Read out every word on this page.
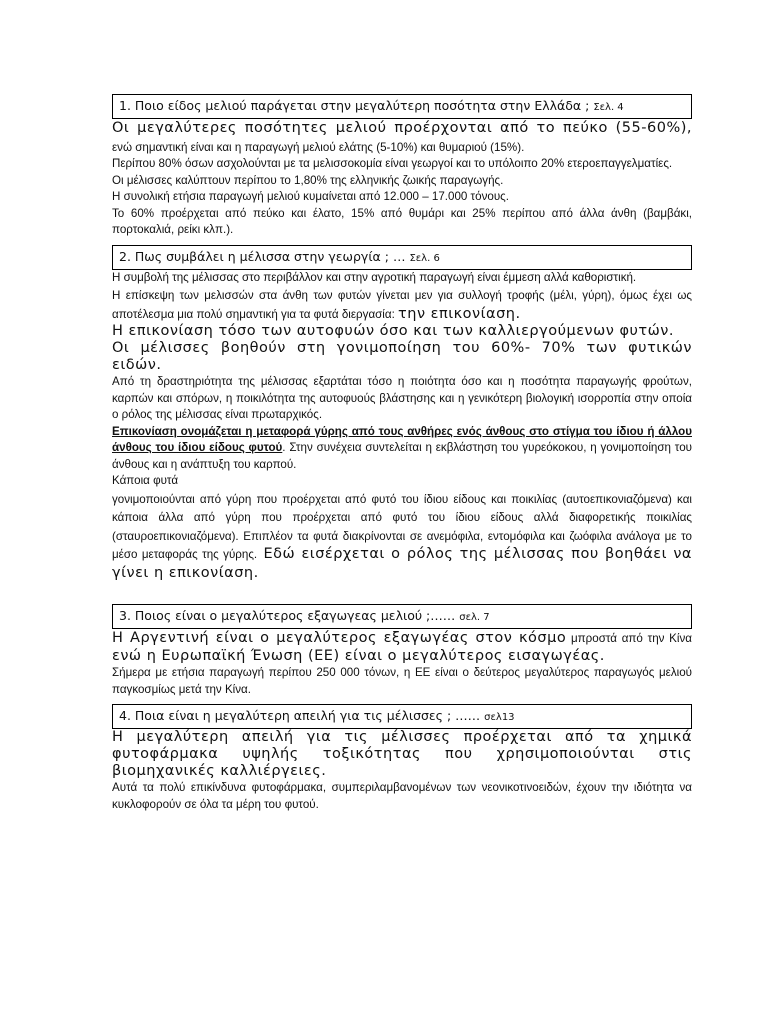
1. Ποιο είδος μελιού παράγεται στην μεγαλύτερη ποσότητα στην Ελλάδα ; Σελ. 4

Οι μεγαλύτερες ποσότητες μελιού προέρχονται από το πεύκο (55-60%), ενώ σημαντική είναι και η παραγωγή μελιού ελάτης (5-10%) και θυμαριού (15%).

Περίπου 80% όσων ασχολούνται με τα μελισσοκομία είναι γεωργοί και το υπόλοιπο 20% ετεροεπαγγελματίες.

Οι μέλισσες καλύπτουν περίπου το 1,80% της ελληνικής ζωικής παραγωγής.

Η συνολική ετήσια παραγωγή μελιού κυμαίνεται από 12.000 – 17.000 τόνους.

Το 60% προέρχεται από πεύκο και έλατο, 15% από θυμάρι και 25% περίπου από άλλα άνθη (βαμβάκι, πορτοκαλιά, ρείκι κλπ.).

2. Πως συμβάλει η μέλισσα στην γεωργία ; … Σελ. 6

Η συμβολή της μέλισσας στο περιβάλλον και στην αγροτική παραγωγή είναι έμμεση αλλά καθοριστική.

Η επίσκεψη των μελισσών στα άνθη των φυτών γίνεται μεν για συλλογή τροφής (μέλι, γύρη), όμως έχει ως αποτέλεσμα μια πολύ σημαντική για τα φυτά διεργασία: την επικονίαση.

Η επικονίαση τόσο των αυτοφυών όσο και των καλλιεργούμενων φυτών.

Οι μέλισσες βοηθούν στη γονιμοποίηση του 60%- 70% των φυτικών ειδών.

Από τη δραστηριότητα της μέλισσας εξαρτάται τόσο η ποιότητα όσο και η ποσότητα παραγωγής φρούτων, καρπών και σπόρων, η ποικιλότητα της αυτοφυούς βλάστησης και η γενικότερη βιολογική ισορροπία στην οποία ο ρόλος της μέλισσας είναι πρωταρχικός.

Επικονίαση ονομάζεται η μεταφορά γύρης από τους ανθήρες ενός άνθους στο στίγμα του ίδιου ή άλλου άνθους του ίδιου είδους φυτού. Στην συνέχεια συντελείται η εκβλάστηση του γυρεόκοκου, η γονιμοποίηση του άνθους και η ανάπτυξη του καρπού.

Κάποια φυτά

γονιμοποιούνται από γύρη που προέρχεται από φυτό του ίδιου είδους και ποικιλίας (αυτοεπικονιαζόμενα) και κάποια άλλα από γύρη που προέρχεται από φυτό του ίδιου είδους αλλά διαφορετικής ποικιλίας (σταυροεπικονιαζόμενα). Επιπλέον τα φυτά διακρίνονται σε ανεμόφιλα, εντομόφιλα και ζωόφιλα ανάλογα με το μέσο μεταφοράς της γύρης. Εδώ εισέρχεται ο ρόλος της μέλισσας που βοηθάει να γίνει η επικονίαση.

3. Ποιος είναι ο μεγαλύτερος εξαγωγεας μελιού ;…… σελ. 7

Η Αργεντινή είναι ο μεγαλύτερος εξαγωγέας στον κόσμο μπροστά από την Κίνα ενώ η Ευρωπαϊκή Ένωση (ΕΕ) είναι ο μεγαλύτερος εισαγωγέας.

Σήμερα με ετήσια παραγωγή περίπου 250 000 τόνων, η ΕΕ είναι ο δεύτερος μεγαλύτερος παραγωγός μελιού παγκοσμίως μετά την Κίνα.

4. Ποια είναι η μεγαλύτερη απειλή για τις μέλισσες ; …… σελ13

Η μεγαλύτερη απειλή για τις μέλισσες προέρχεται από τα χημικά φυτοφάρμακα υψηλής τοξικότητας που χρησιμοποιούνται στις βιομηχανικές καλλιέργειες.

Αυτά τα πολύ επικίνδυνα φυτοφάρμακα, συμπεριλαμβανομένων των νεονικοτινοειδών, έχουν την ιδιότητα να κυκλοφορούν σε όλα τα μέρη του φυτού.
